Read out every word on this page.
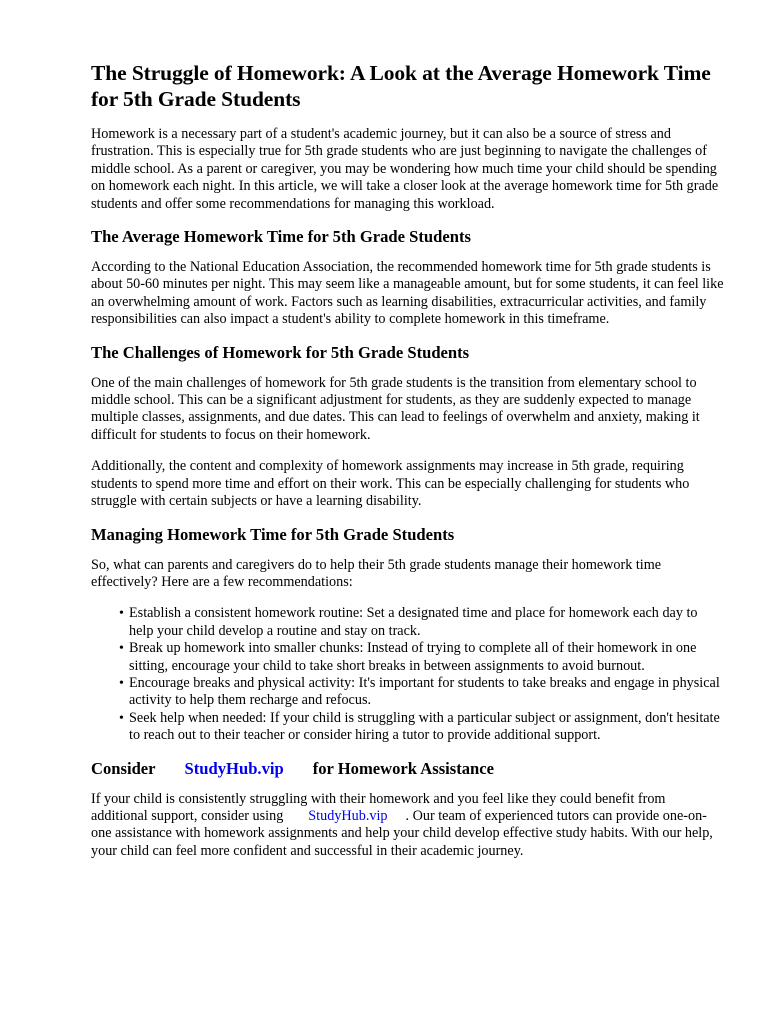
The Struggle of Homework: A Look at the Average Homework Time for 5th Grade Students

Homework is a necessary part of a student's academic journey, but it can also be a source of stress and frustration. This is especially true for 5th grade students who are just beginning to navigate the challenges of middle school. As a parent or caregiver, you may be wondering how much time your child should be spending on homework each night. In this article, we will take a closer look at the average homework time for 5th grade students and offer some recommendations for managing this workload.

The Average Homework Time for 5th Grade Students

According to the National Education Association, the recommended homework time for 5th grade students is about 50-60 minutes per night. This may seem like a manageable amount, but for some students, it can feel like an overwhelming amount of work. Factors such as learning disabilities, extracurricular activities, and family responsibilities can also impact a student's ability to complete homework in this timeframe.

The Challenges of Homework for 5th Grade Students

One of the main challenges of homework for 5th grade students is the transition from elementary school to middle school. This can be a significant adjustment for students, as they are suddenly expected to manage multiple classes, assignments, and due dates. This can lead to feelings of overwhelm and anxiety, making it difficult for students to focus on their homework.

Additionally, the content and complexity of homework assignments may increase in 5th grade, requiring students to spend more time and effort on their work. This can be especially challenging for students who struggle with certain subjects or have a learning disability.

Managing Homework Time for 5th Grade Students

So, what can parents and caregivers do to help their 5th grade students manage their homework time effectively? Here are a few recommendations:

• Establish a consistent homework routine: Set a designated time and place for homework each day to help your child develop a routine and stay on track.
• Break up homework into smaller chunks: Instead of trying to complete all of their homework in one sitting, encourage your child to take short breaks in between assignments to avoid burnout.
• Encourage breaks and physical activity: It's important for students to take breaks and engage in physical activity to help them recharge and refocus.
• Seek help when needed: If your child is struggling with a particular subject or assignment, don't hesitate to reach out to their teacher or consider hiring a tutor to provide additional support.
Consider StudyHub.vip for Homework Assistance

If your child is consistently struggling with their homework and you feel like they could benefit from additional support, consider using StudyHub.vip . Our team of experienced tutors can provide one-on-one assistance with homework assignments and help your child develop effective study habits. With our help, your child can feel more confident and successful in their academic journey.
